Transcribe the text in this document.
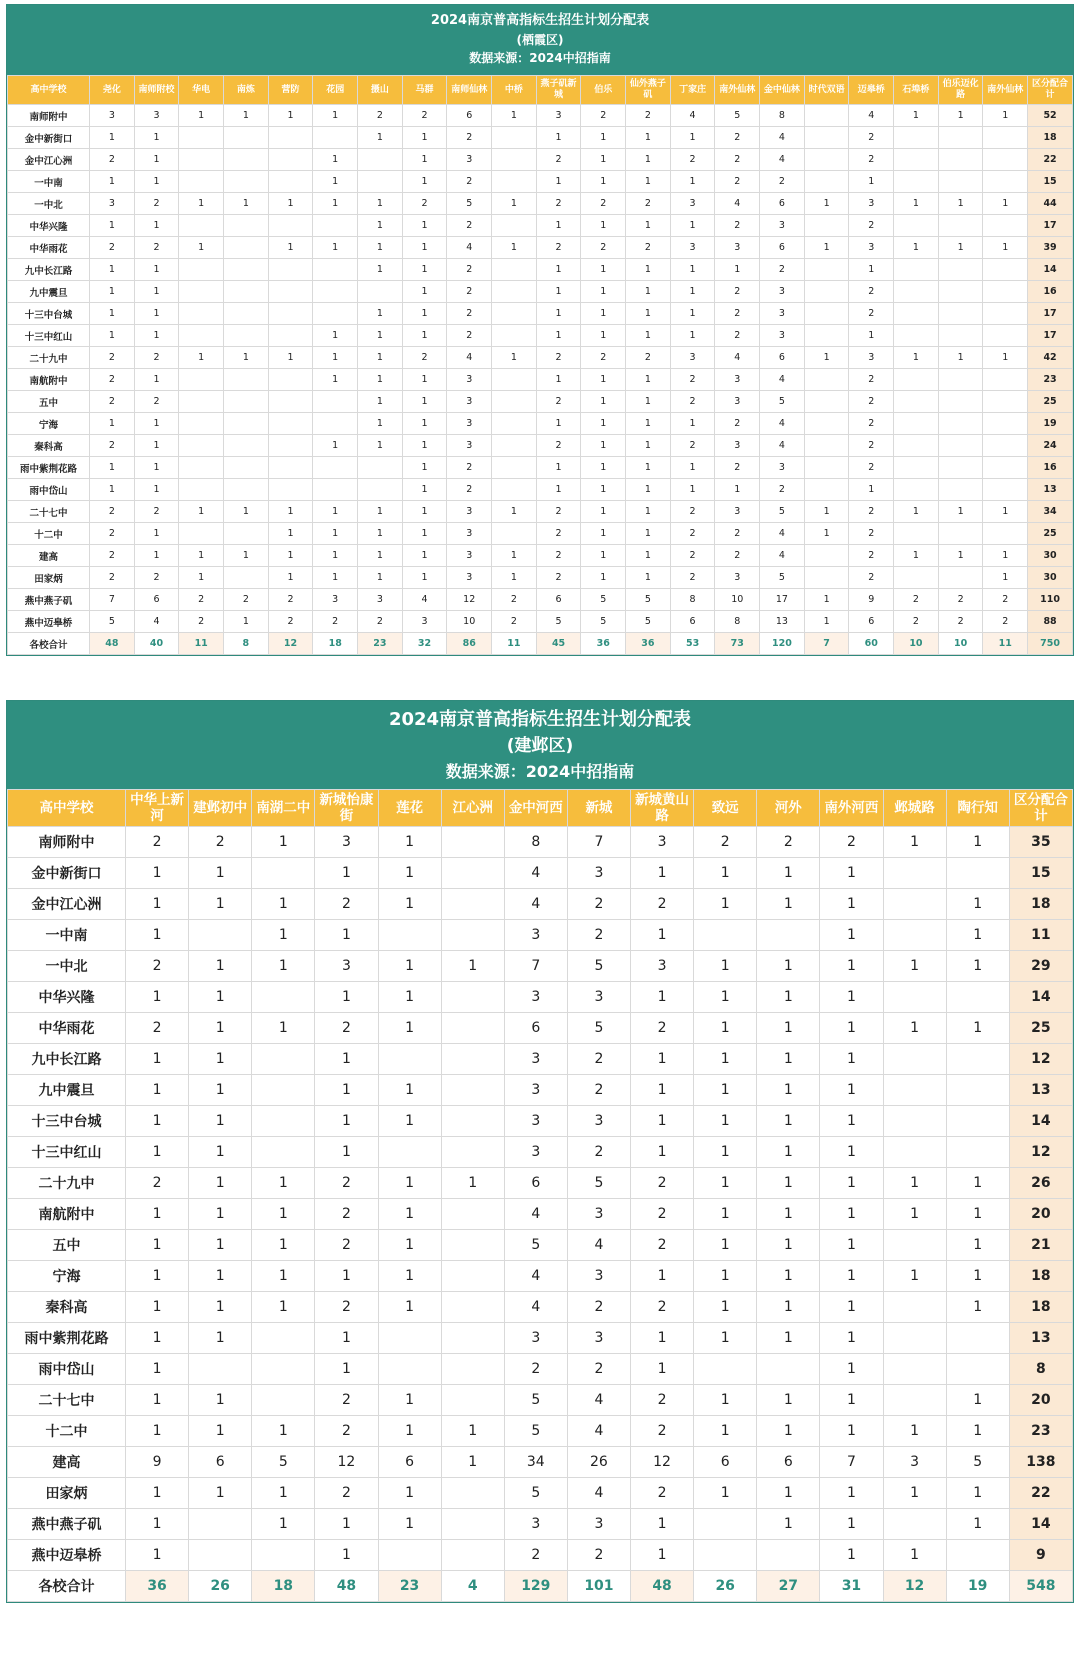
2024南京普高指标生招生计划分配表
(栖霞区)
数据来源：2024中招指南
高中学校	尧化	南师附校	华电	南炼	营防	花园	摄山	马群	南师仙林	中桥	燕子矶新城	伯乐	仙外燕子矶	丁家庄	南外仙林	金中仙林	时代双语	迈皋桥	石埠桥	伯乐迈化路	南外仙林	区分配合计
南师附中	3	3	1	1	1	1	2	2	6	1	3	2	2	4	5	8		4	1	1	1	52
金中新街口	1	1					1	1	2		1	1	1	1	2	4		2				18
金中江心洲	2	1				1		1	3		2	1	1	2	2	4		2				22
一中南	1	1				1		1	2		1	1	1	1	2	2		1				15
一中北	3	2	1	1	1	1	1	2	5	1	2	2	2	3	4	6	1	3	1	1	1	44
中华兴隆	1	1					1	1	2		1	1	1	1	2	3		2				17
中华雨花	2	2	1		1	1	1	1	4	1	2	2	2	3	3	6	1	3	1	1	1	39
九中长江路	1	1					1	1	2		1	1	1	1	1	2		1				14
九中震旦	1	1						1	2		1	1	1	1	2	3		2				16
十三中台城	1	1					1	1	2		1	1	1	1	2	3		2				17
十三中红山	1	1				1	1	1	2		1	1	1	1	2	3		1				17
二十九中	2	2	1	1	1	1	1	2	4	1	2	2	2	3	4	6	1	3	1	1	1	42
南航附中	2	1				1	1	1	3		1	1	1	2	3	4		2				23
五中	2	2					1	1	3		2	1	1	2	3	5		2				25
宁海	1	1					1	1	3		1	1	1	1	2	4		2				19
秦科高	2	1				1	1	1	3		2	1	1	2	3	4		2				24
雨中紫荆花路	1	1						1	2		1	1	1	1	2	3		2				16
雨中岱山	1	1						1	2		1	1	1	1	1	2		1				13
二十七中	2	2	1	1	1	1	1	1	3	1	2	1	1	2	3	5	1	2	1	1	1	34
十二中	2	1			1	1	1	1	3		2	1	1	2	2	4	1	2				25
建高	2	1	1	1	1	1	1	1	3	1	2	1	1	2	2	4		2	1	1	1	30
田家炳	2	2	1		1	1	1	1	3	1	2	1	1	2	3	5		2			1	30
燕中燕子矶	7	6	2	2	2	3	3	4	12	2	6	5	5	8	10	17	1	9	2	2	2	110
燕中迈皋桥	5	4	2	1	2	2	2	3	10	2	5	5	5	6	8	13	1	6	2	2	2	88
各校合计	48	40	11	8	12	18	23	32	86	11	45	36	36	53	73	120	7	60	10	10	11	750
2024南京普高指标生招生计划分配表
(建邺区)
数据来源：2024中招指南
高中学校	中华上新河	建邺初中	南湖二中	新城怡康街	莲花	江心洲	金中河西	新城	新城黄山路	致远	河外	南外河西	邺城路	陶行知	区分配合计
南师附中	2	2	1	3	1		8	7	3	2	2	2	1	1	35
金中新街口	1	1		1	1		4	3	1	1	1	1			15
金中江心洲	1	1	1	2	1		4	2	2	1	1	1		1	18
一中南	1		1	1			3	2	1			1		1	11
一中北	2	1	1	3	1	1	7	5	3	1	1	1	1	1	29
中华兴隆	1	1		1	1		3	3	1	1	1	1			14
中华雨花	2	1	1	2	1		6	5	2	1	1	1	1	1	25
九中长江路	1	1		1			3	2	1	1	1	1			12
九中震旦	1	1		1	1		3	2	1	1	1	1			13
十三中台城	1	1		1	1		3	3	1	1	1	1			14
十三中红山	1	1		1			3	2	1	1	1	1			12
二十九中	2	1	1	2	1	1	6	5	2	1	1	1	1	1	26
南航附中	1	1	1	2	1		4	3	2	1	1	1	1	1	20
五中	1	1	1	2	1		5	4	2	1	1	1		1	21
宁海	1	1	1	1	1		4	3	1	1	1	1	1	1	18
秦科高	1	1	1	2	1		4	2	2	1	1	1		1	18
雨中紫荆花路	1	1		1			3	3	1	1	1	1			13
雨中岱山	1			1			2	2	1			1			8
二十七中	1	1		2	1		5	4	2	1	1	1		1	20
十二中	1	1	1	2	1	1	5	4	2	1	1	1	1	1	23
建高	9	6	5	12	6	1	34	26	12	6	6	7	3	5	138
田家炳	1	1	1	2	1		5	4	2	1	1	1	1	1	22
燕中燕子矶	1		1	1	1		3	3	1		1	1		1	14
燕中迈皋桥	1			1			2	2	1			1	1		9
各校合计	36	26	18	48	23	4	129	101	48	26	27	31	12	19	548
